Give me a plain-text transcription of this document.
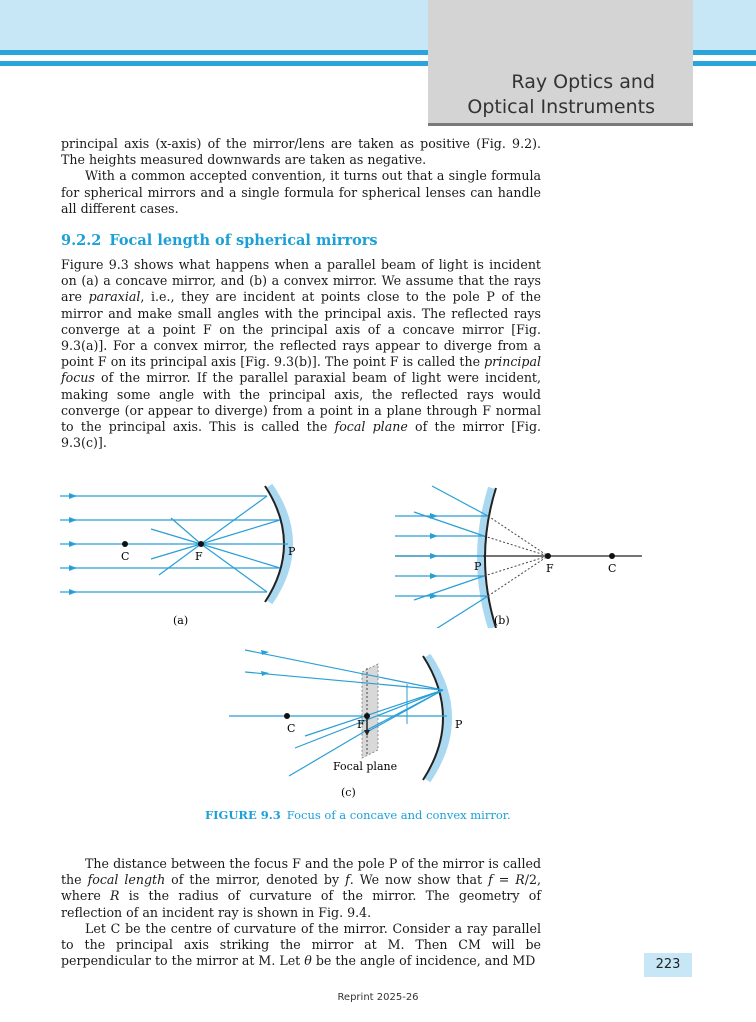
Ray Optics and
Optical Instruments

principal axis (x-axis) of the mirror/lens are taken as positive (Fig. 9.2). The heights measured downwards are taken as negative.

With a common accepted convention, it turns out that a single formula for spherical mirrors and a single formula for spherical lenses can handle all different cases.

9.2.2 Focal length of spherical mirrors

Figure 9.3 shows what happens when a parallel beam of light is incident on (a) a concave mirror, and (b) a convex mirror. We assume that the rays are paraxial, i.e., they are incident at points close to the pole P of the mirror and make small angles with the principal axis. The reflected rays converge at a point F on the principal axis of a concave mirror [Fig. 9.3(a)]. For a convex mirror, the reflected rays appear to diverge from a point F on its principal axis [Fig. 9.3(b)]. The point F is called the principal focus of the mirror. If the parallel paraxial beam of light were incident, making some angle with the principal axis, the reflected rays would converge (or appear to diverge) from a point in a plane through F normal to the principal axis. This is called the focal plane of the mirror [Fig. 9.3(c)].

C	F	P
(a)
P	F	C
(b)
C	F	P
Focal plane
(c)
FIGURE 9.3 Focus of a concave and convex mirror.

The distance between the focus F and the pole P of the mirror is called the focal length of the mirror, denoted by f. We now show that f = R/2, where R is the radius of curvature of the mirror. The geometry of reflection of an incident ray is shown in Fig. 9.4.

Let C be the centre of curvature of the mirror. Consider a ray parallel to the principal axis striking the mirror at M. Then CM will be perpendicular to the mirror at M. Let θ be the angle of incidence, and MD	223
Reprint 2025-26
